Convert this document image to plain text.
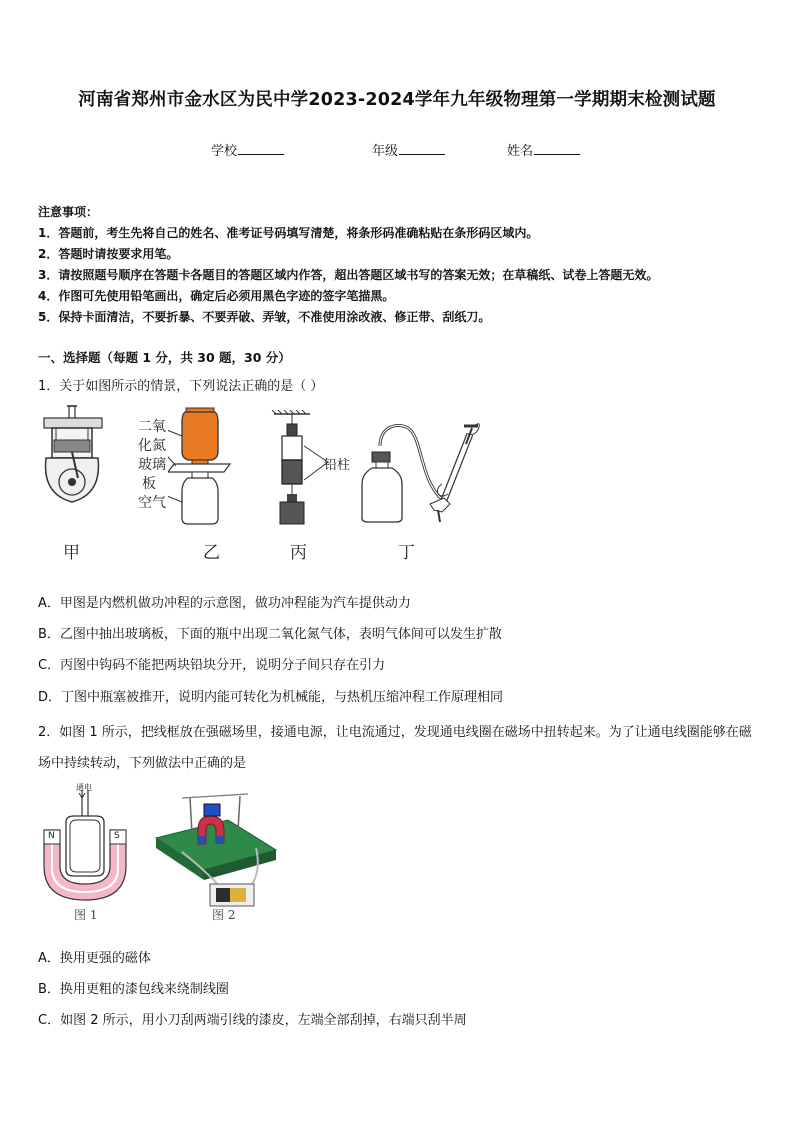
河南省郑州市金水区为民中学2023-2024学年九年级物理第一学期期末检测试题
学校	年级	姓名
注意事项：
1．答题前，考生先将自己的姓名、准考证号码填写清楚，将条形码准确粘贴在条形码区域内。
2．答题时请按要求用笔。
3．请按照题号顺序在答题卡各题目的答题区域内作答，超出答题区域书写的答案无效；在草稿纸、试卷上答题无效。
4．作图可先使用铅笔画出，确定后必须用黑色字迹的签字笔描黑。
5．保持卡面清洁，不要折暴、不要弄破、弄皱，不准使用涂改液、修正带、刮纸刀。
一、选择题（每题 1 分，共 30 题，30 分）
1．关于如图所示的情景，下列说法正确的是（ ）
甲
二氧
化氮
玻璃
板
空气
乙
铅柱
丙	丁
A．甲图是内燃机做功冲程的示意图，做功冲程能为汽车提供动力
B．乙图中抽出玻璃板，下面的瓶中出现二氧化氮气体，表明气体间可以发生扩散
C．丙图中钩码不能把两块铅块分开，说明分子间只存在引力
D．丁图中瓶塞被推开，说明内能可转化为机械能，与热机压缩冲程工作原理相同
2．如图 1 所示，把线框放在强磁场里，接通电源，让电流通过，发现通电线圈在磁场中扭转起来。为了让通电线圈能够在磁场中持续转动，下列做法中正确的是
通电
N	S
图 1	图 2
A．换用更强的磁体
B．换用更粗的漆包线来绕制线圈
C．如图 2 所示，用小刀刮两端引线的漆皮，左端全部刮掉，右端只刮半周
